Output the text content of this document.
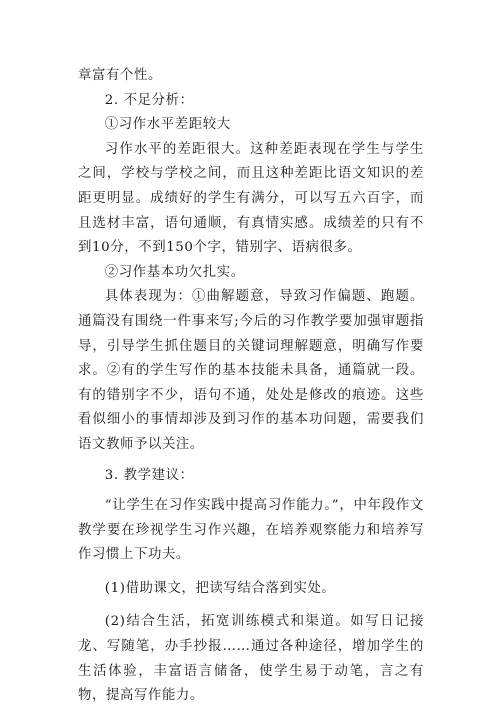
章富有个性。

2. 不足分析：

①习作水平差距较大

习作水平的差距很大。这种差距表现在学生与学生之间，学校与学校之间，而且这种差距比语文知识的差距更明显。成绩好的学生有满分，可以写五六百字，而且选材丰富，语句通顺，有真情实感。成绩差的只有不到10分，不到150个字，错别字、语病很多。

②习作基本功欠扎实。

具体表现为：①曲解题意，导致习作偏题、跑题。通篇没有围绕一件事来写;今后的习作教学要加强审题指导，引导学生抓住题目的关键词理解题意，明确写作要求。②有的学生写作的基本技能未具备，通篇就一段。有的错别字不少，语句不通，处处是修改的痕迹。这些看似细小的事情却涉及到习作的基本功问题，需要我们语文教师予以关注。

3. 教学建议：

“让学生在习作实践中提高习作能力。”，中年段作文教学要在珍视学生习作兴趣，在培养观察能力和培养写作习惯上下功夫。

(1)借助课文，把读写结合落到实处。

(2)结合生活，拓宽训练模式和渠道。如写日记接龙、写随笔，办手抄报……通过各种途径，增加学生的生活体验，丰富语言储备，使学生易于动笔，言之有物，提高写作能力。
